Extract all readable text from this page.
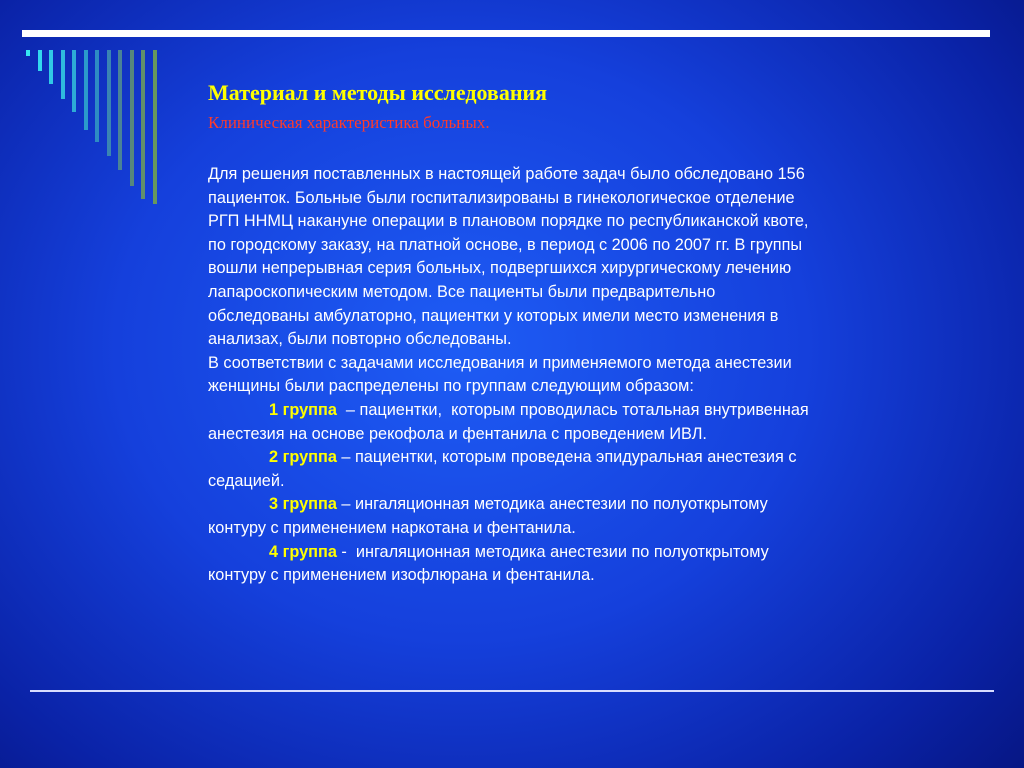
Материал и методы исследования
Клиническая характеристика больных.
Для решения поставленных в настоящей работе задач было обследовано 156
пациенток. Больные были госпитализированы в гинекологическое отделение
РГП ННМЦ накануне операции в плановом порядке по республиканской квоте,
по городскому заказу, на платной основе, в период с 2006 по 2007 гг. В группы
вошли непрерывная серия больных, подвергшихся хирургическому лечению
лапароскопическим методом. Все пациенты были предварительно
обследованы амбулаторно, пациентки у которых имели место изменения в
анализах, были повторно обследованы.
В соответствии с задачами исследования и применяемого метода анестезии
женщины были распределены по группам следующим образом:
1 группа  – пациентки,  которым проводилась тотальная внутривенная
анестезия на основе рекофола и фентанила с проведением ИВЛ.
2 группа – пациентки, которым проведена эпидуральная анестезия с
седацией.
3 группа – ингаляционная методика анестезии по полуоткрытому
контуру с применением наркотана и фентанила.
4 группа -  ингаляционная методика анестезии по полуоткрытому
контуру с применением изофлюрана и фентанила.
